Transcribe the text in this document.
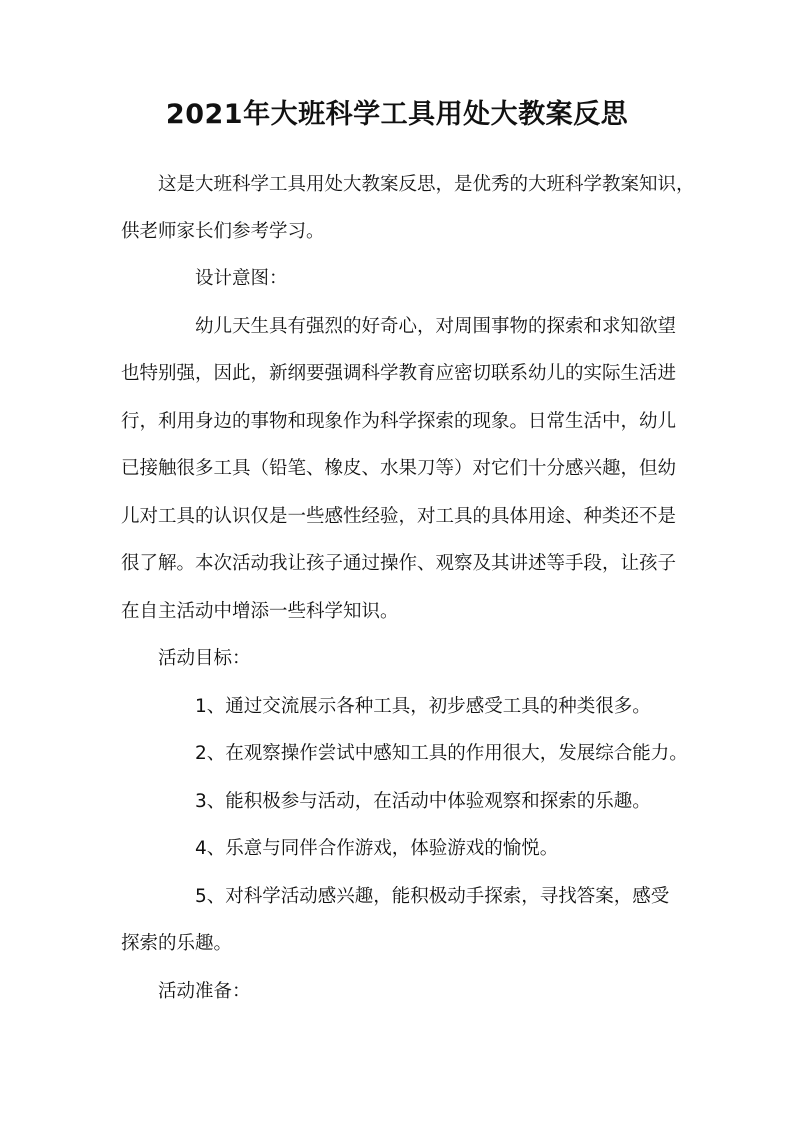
2021年大班科学工具用处大教案反思
这是大班科学工具用处大教案反思，是优秀的大班科学教案知识，
供老师家长们参考学习。
设计意图：
幼儿天生具有强烈的好奇心，对周围事物的探索和求知欲望
也特别强，因此，新纲要强调科学教育应密切联系幼儿的实际生活进
行，利用身边的事物和现象作为科学探索的现象。日常生活中，幼儿
已接触很多工具（铅笔、橡皮、水果刀等）对它们十分感兴趣，但幼
儿对工具的认识仅是一些感性经验，对工具的具体用途、种类还不是
很了解。本次活动我让孩子通过操作、观察及其讲述等手段，让孩子
在自主活动中增添一些科学知识。
活动目标：
1、通过交流展示各种工具，初步感受工具的种类很多。
2、在观察操作尝试中感知工具的作用很大，发展综合能力。
3、能积极参与活动，在活动中体验观察和探索的乐趣。
4、乐意与同伴合作游戏，体验游戏的愉悦。
5、对科学活动感兴趣，能积极动手探索，寻找答案，感受
探索的乐趣。
活动准备：
